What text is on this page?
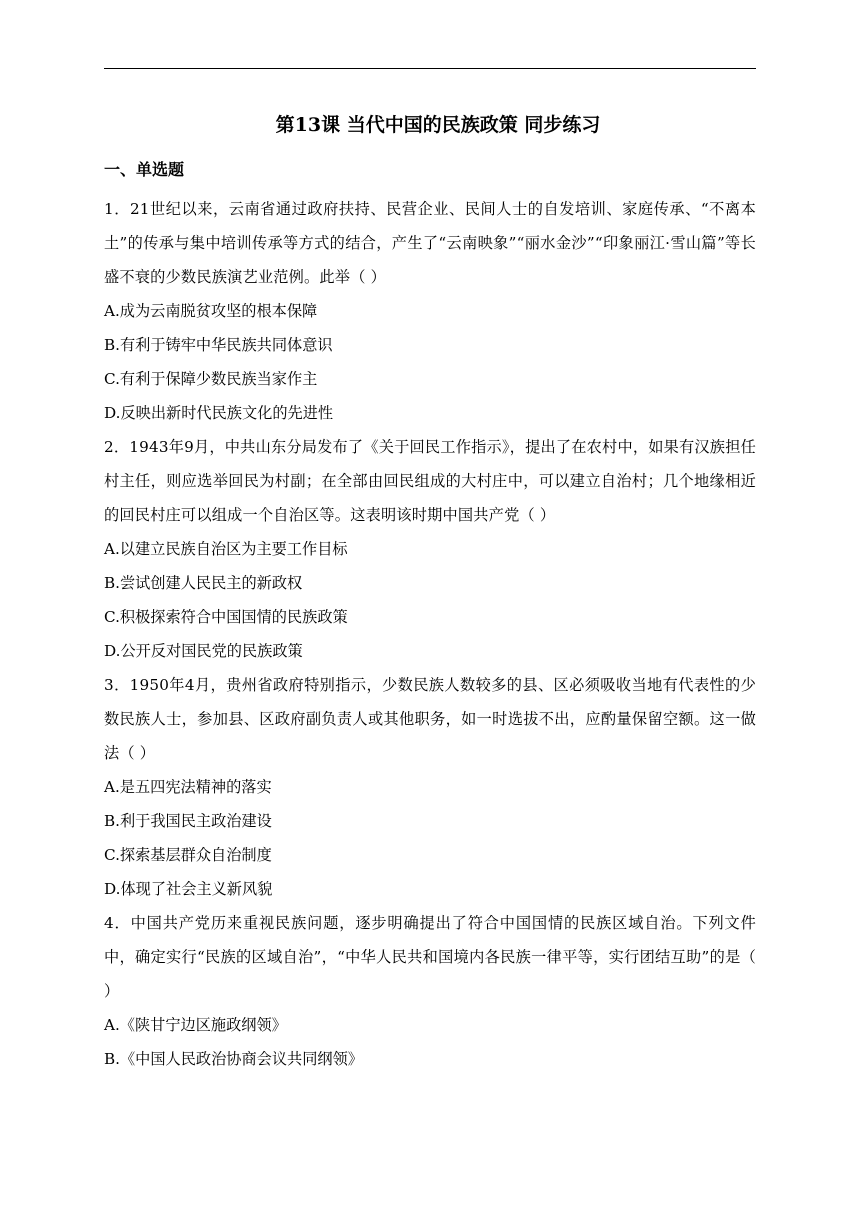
第13课 当代中国的民族政策 同步练习
一、单选题
1．21世纪以来，云南省通过政府扶持、民营企业、民间人士的自发培训、家庭传承、“不离本土”的传承与集中培训传承等方式的结合，产生了“云南映象”“丽水金沙”“印象丽江·雪山篇”等长盛不衰的少数民族演艺业范例。此举（ ）
A.成为云南脱贫攻坚的根本保障
B.有利于铸牢中华民族共同体意识
C.有利于保障少数民族当家作主
D.反映出新时代民族文化的先进性
2．1943年9月，中共山东分局发布了《关于回民工作指示》，提出了在农村中，如果有汉族担任村主任，则应选举回民为村副；在全部由回民组成的大村庄中，可以建立自治村；几个地缘相近的回民村庄可以组成一个自治区等。这表明该时期中国共产党（ ）
A.以建立民族自治区为主要工作目标
B.尝试创建人民民主的新政权
C.积极探索符合中国国情的民族政策
D.公开反对国民党的民族政策
3．1950年4月，贵州省政府特别指示，少数民族人数较多的县、区必须吸收当地有代表性的少数民族人士，参加县、区政府副负责人或其他职务，如一时选拔不出，应酌量保留空额。这一做法（ ）
A.是五四宪法精神的落实
B.利于我国民主政治建设
C.探索基层群众自治制度
D.体现了社会主义新风貌
4．中国共产党历来重视民族问题，逐步明确提出了符合中国国情的民族区域自治。下列文件中，确定实行“民族的区域自治”，“中华人民共和国境内各民族一律平等，实行团结互助”的是（ ）
A.《陕甘宁边区施政纲领》
B.《中国人民政治协商会议共同纲领》
